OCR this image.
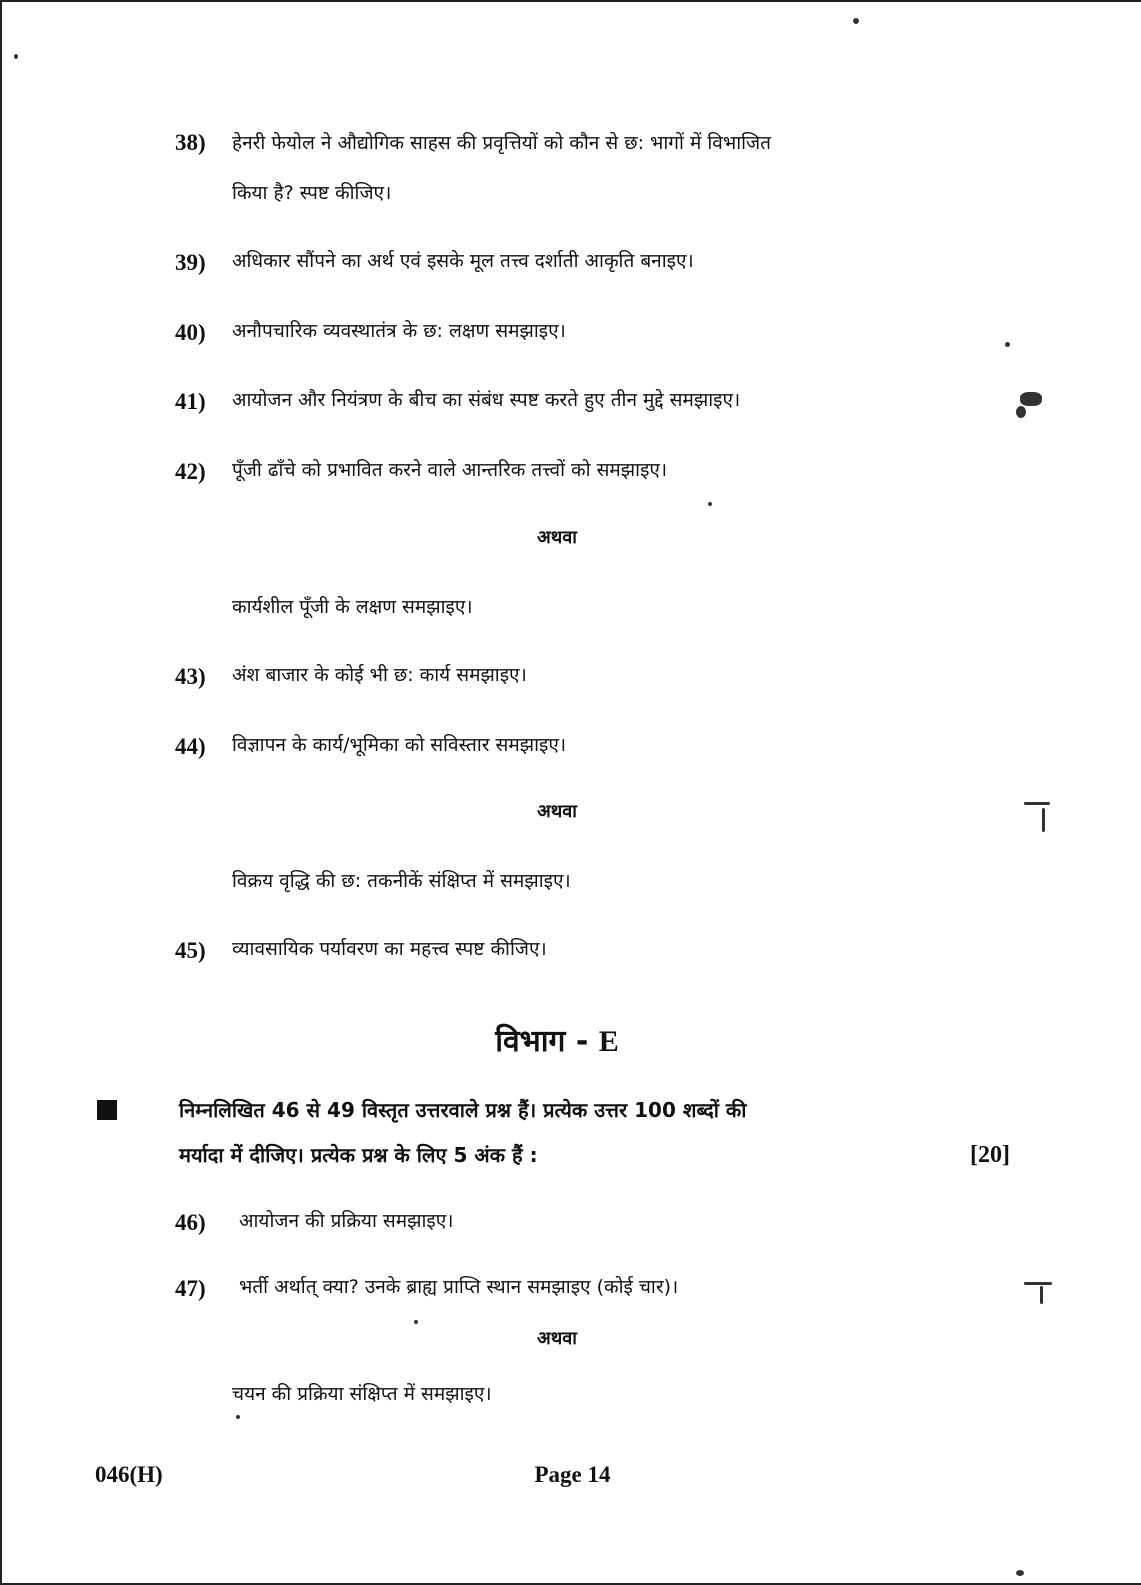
38) हेनरी फेयोल ने औद्योगिक साहस की प्रवृत्तियों को कौन से छ: भागों में विभाजित
किया है? स्पष्ट कीजिए।
39) अधिकार सौंपने का अर्थ एवं इसके मूल तत्त्व दर्शाती आकृति बनाइए।
40) अनौपचारिक व्यवस्थातंत्र के छ: लक्षण समझाइए।
41) आयोजन और नियंत्रण के बीच का संबंध स्पष्ट करते हुए तीन मुद्दे समझाइए।
42) पूँजी ढाँचे को प्रभावित करने वाले आन्तरिक तत्त्वों को समझाइए।
अथवा
कार्यशील पूँजी के लक्षण समझाइए।
43) अंश बाजार के कोई भी छ: कार्य समझाइए।
44) विज्ञापन के कार्य/भूमिका को सविस्तार समझाइए।
अथवा
विक्रय वृद्धि की छ: तकनीकें संक्षिप्त में समझाइए।
45) व्यावसायिक पर्यावरण का महत्त्व स्पष्ट कीजिए।
विभाग - E
निम्नलिखित 46 से 49 विस्तृत उत्तरवाले प्रश्न हैं। प्रत्येक उत्तर 100 शब्दों की
मर्यादा में दीजिए। प्रत्येक प्रश्न के लिए 5 अंक हैं :	[20]
46) आयोजन की प्रक्रिया समझाइए।
47) भर्ती अर्थात् क्या? उनके ब्राह्य प्राप्ति स्थान समझाइए (कोई चार)।
अथवा
चयन की प्रक्रिया संक्षिप्त में समझाइए।
046(H)	Page 14
